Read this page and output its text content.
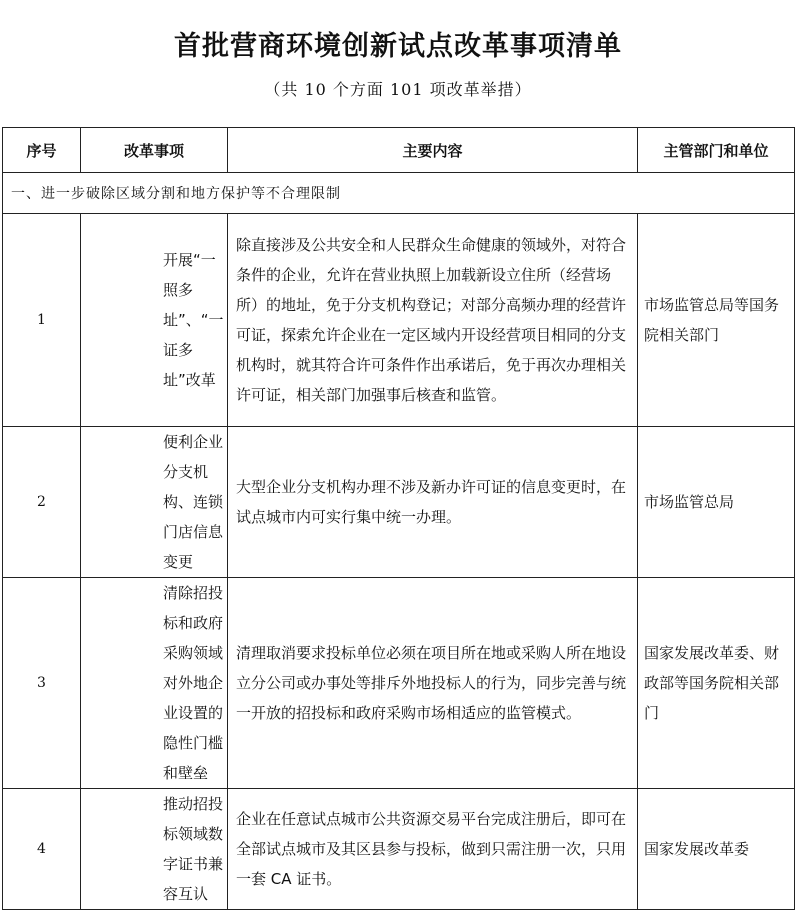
首批营商环境创新试点改革事项清单
（共 10 个方面 101 项改革举措）
序号	改革事项	主要内容	主管部门和单位
一、进一步破除区域分割和地方保护等不合理限制			
1	开展“一照多址”、“一证多址”改革	除直接涉及公共安全和人民群众生命健康的领域外，对符合条件的企业，允许在营业执照上加载新设立住所（经营场所）的地址，免于分支机构登记；对部分高频办理的经营许可证，探索允许企业在一定区域内开设经营项目相同的分支机构时，就其符合许可条件作出承诺后，免于再次办理相关许可证，相关部门加强事后核查和监管。	市场监管总局等国务院相关部门
2	便利企业分支机构、连锁门店信息变更	大型企业分支机构办理不涉及新办许可证的信息变更时，在试点城市内可实行集中统一办理。	市场监管总局
3	清除招投标和政府采购领域对外地企业设置的隐性门槛和壁垒	清理取消要求投标单位必须在项目所在地或采购人所在地设立分公司或办事处等排斥外地投标人的行为，同步完善与统一开放的招投标和政府采购市场相适应的监管模式。	国家发展改革委、财政部等国务院相关部门
4	推动招投标领域数字证书兼容互认	企业在任意试点城市公共资源交易平台完成注册后，即可在全部试点城市及其区县参与投标，做到只需注册一次，只用一套 CA 证书。	国家发展改革委
